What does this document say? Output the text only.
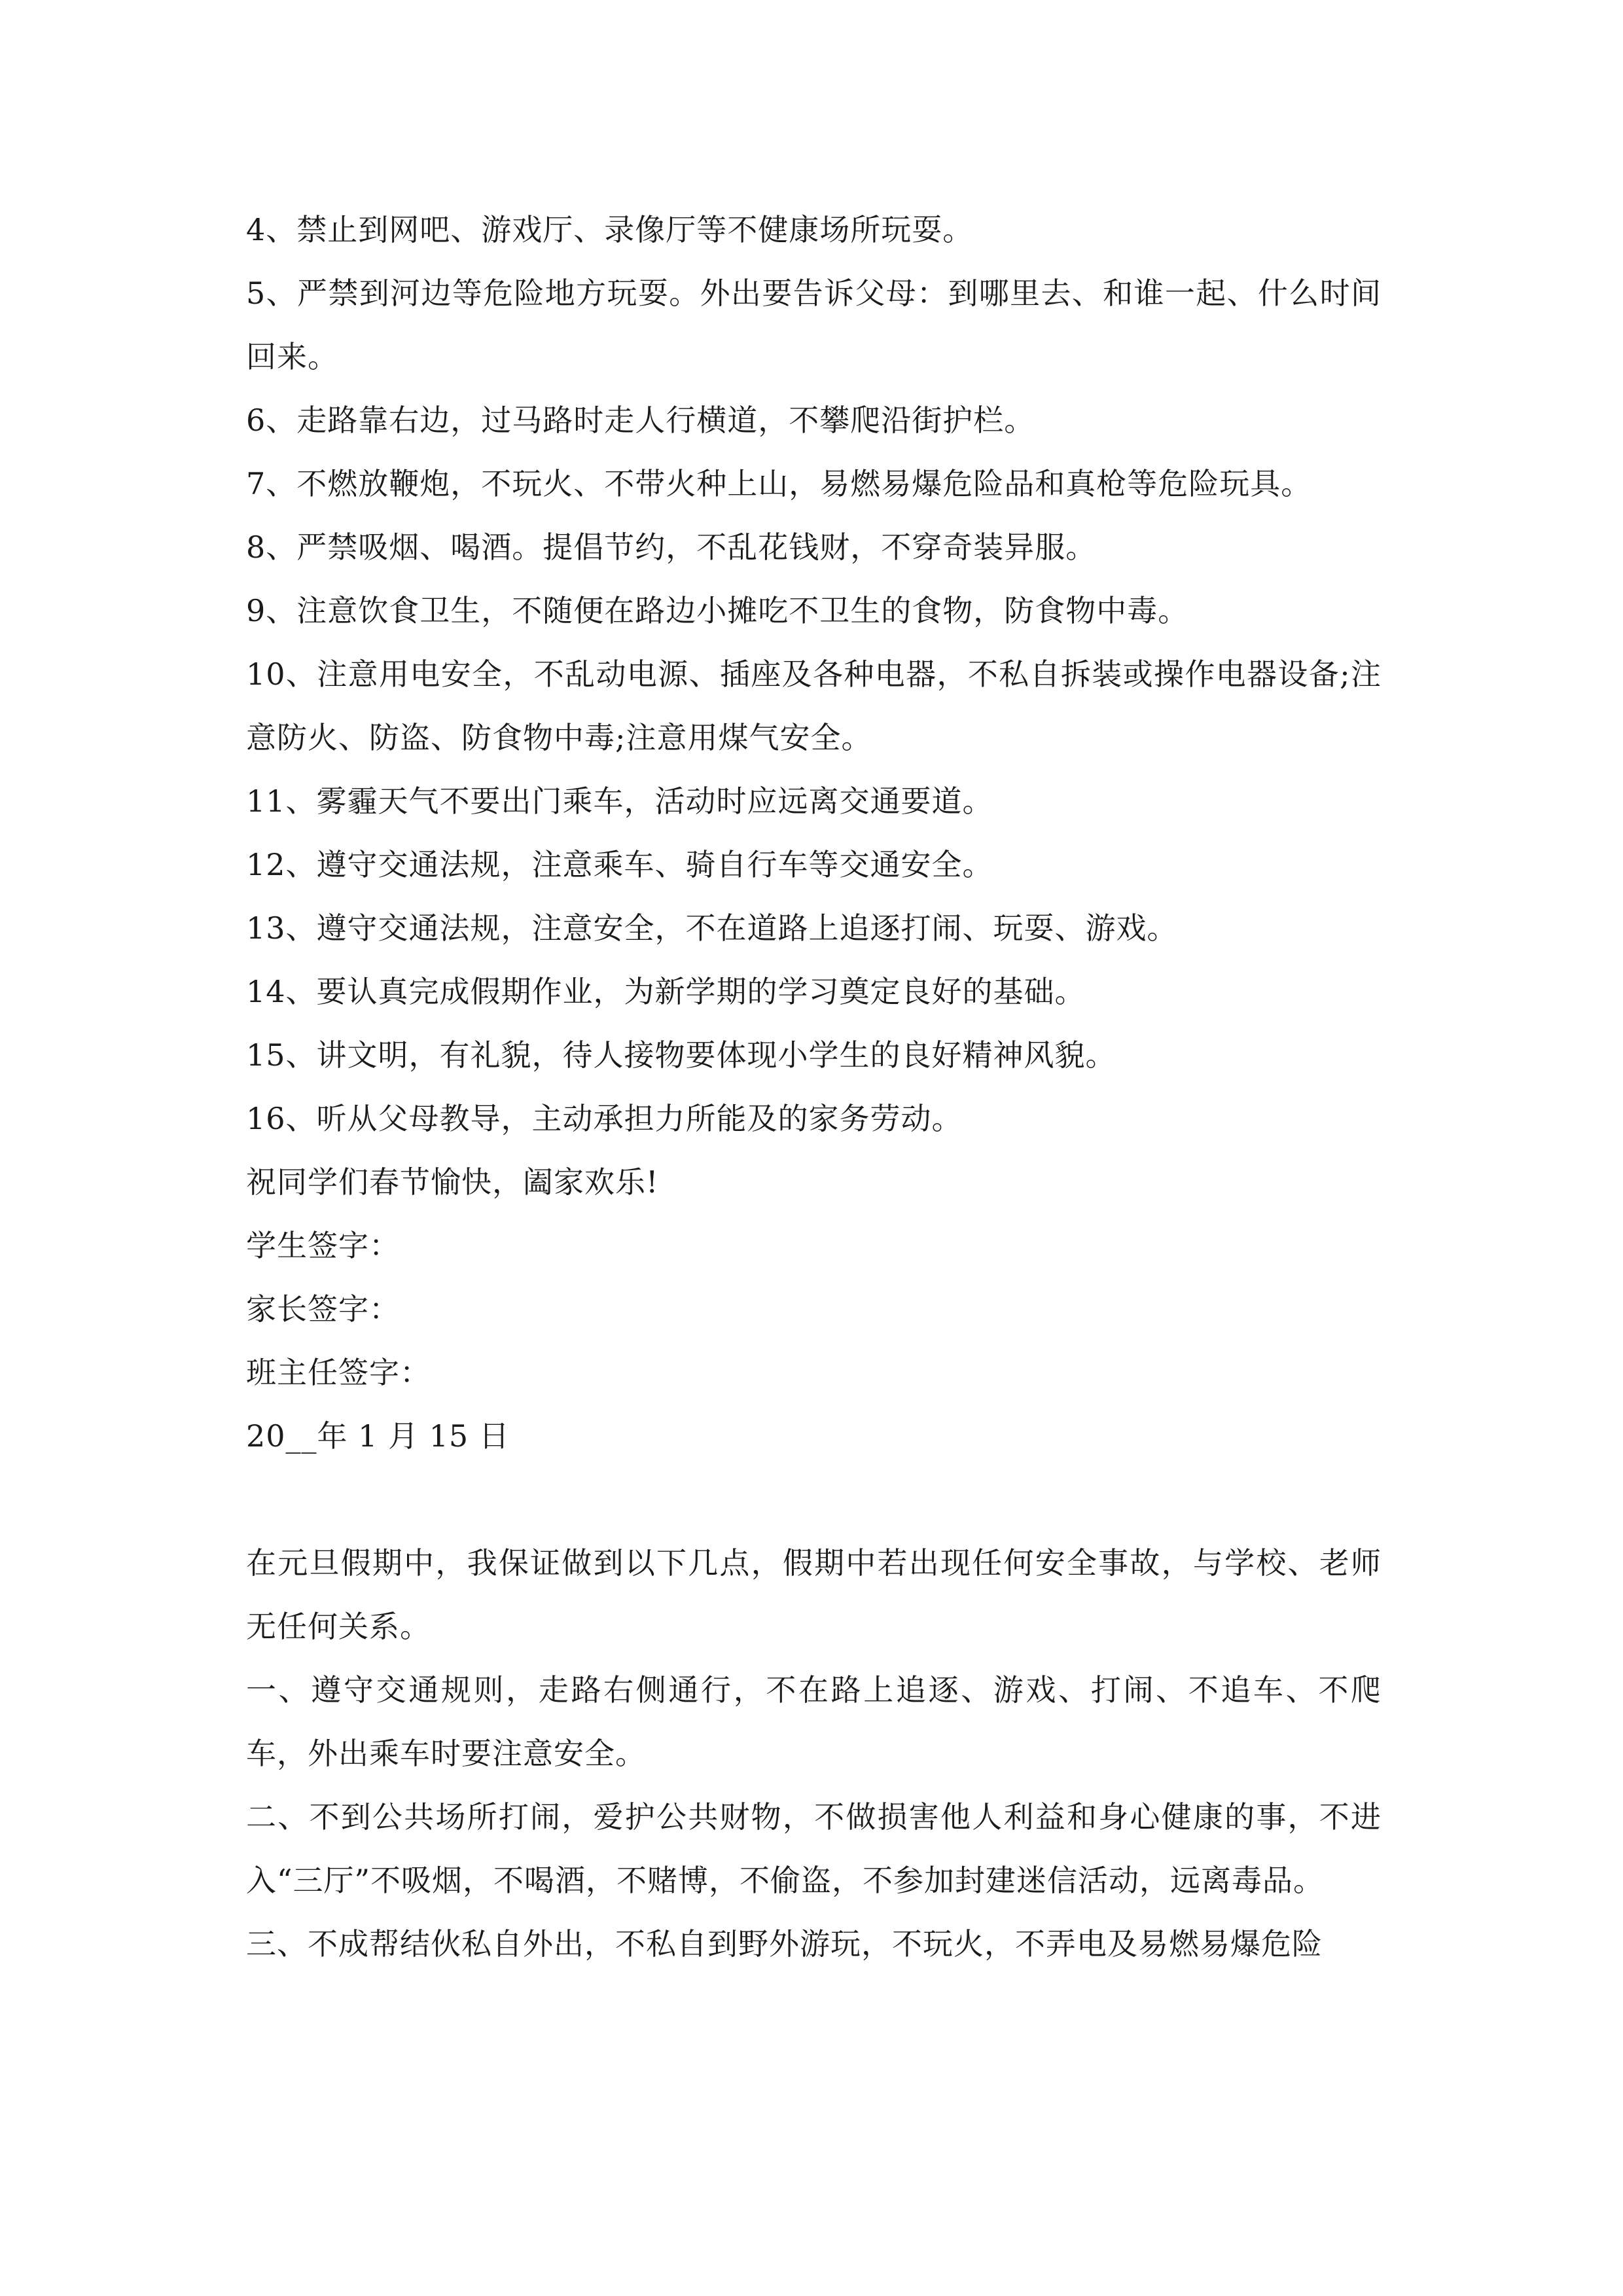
4、禁止到网吧、游戏厅、录像厅等不健康场所玩耍。

5、严禁到河边等危险地方玩耍。外出要告诉父母：到哪里去、和谁一起、什么时间回来。

6、走路靠右边，过马路时走人行横道，不攀爬沿街护栏。

7、不燃放鞭炮，不玩火、不带火种上山，易燃易爆危险品和真枪等危险玩具。

8、严禁吸烟、喝酒。提倡节约，不乱花钱财，不穿奇装异服。

9、注意饮食卫生，不随便在路边小摊吃不卫生的食物，防食物中毒。

10、注意用电安全，不乱动电源、插座及各种电器，不私自拆装或操作电器设备;注意防火、防盗、防食物中毒;注意用煤气安全。

11、雾霾天气不要出门乘车，活动时应远离交通要道。

12、遵守交通法规，注意乘车、骑自行车等交通安全。

13、遵守交通法规，注意安全，不在道路上追逐打闹、玩耍、游戏。

14、要认真完成假期作业，为新学期的学习奠定良好的基础。

15、讲文明，有礼貌，待人接物要体现小学生的良好精神风貌。

16、听从父母教导，主动承担力所能及的家务劳动。

祝同学们春节愉快，阖家欢乐!

学生签字：

家长签字：

班主任签字：

20__年 1 月 15 日

在元旦假期中，我保证做到以下几点，假期中若出现任何安全事故，与学校、老师无任何关系。

一、遵守交通规则，走路右侧通行，不在路上追逐、游戏、打闹、不追车、不爬车，外出乘车时要注意安全。

二、不到公共场所打闹，爱护公共财物，不做损害他人利益和身心健康的事，不进入“三厅”不吸烟，不喝酒，不赌博，不偷盗，不参加封建迷信活动，远离毒品。

三、不成帮结伙私自外出，不私自到野外游玩，不玩火，不弄电及易燃易爆危险
